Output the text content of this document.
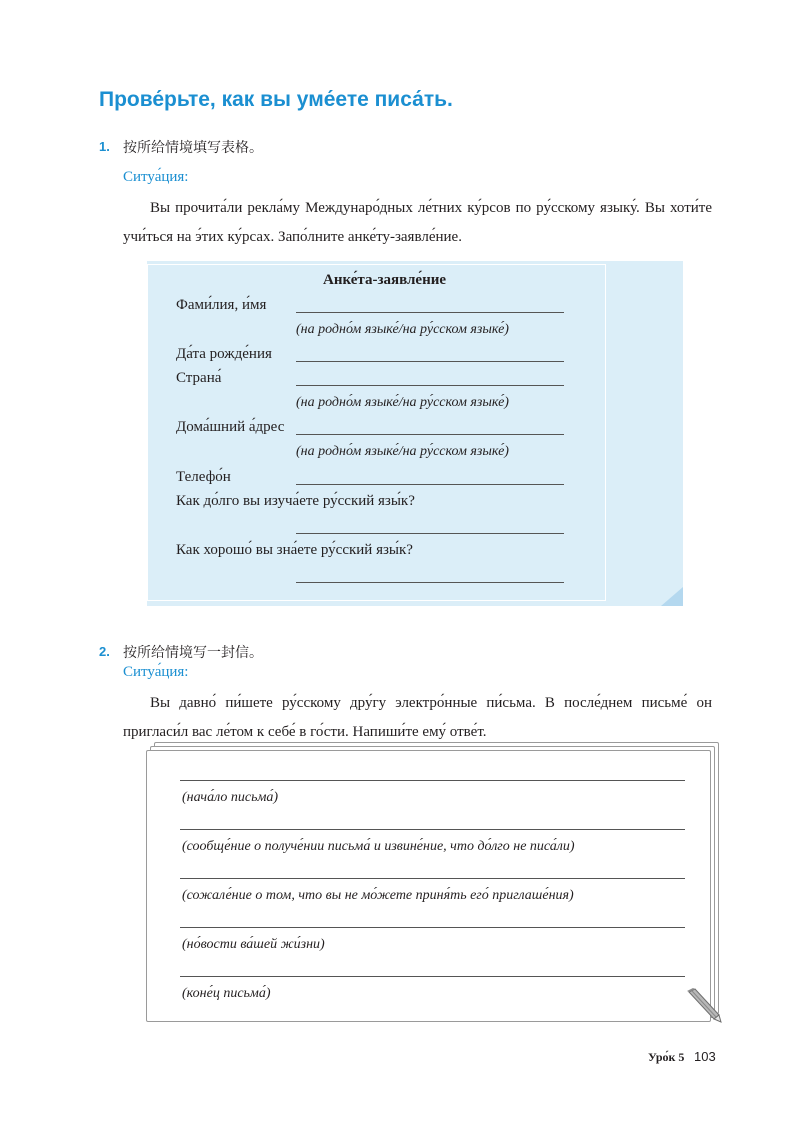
Прове́рьте, как вы уме́ете писа́ть.
1. 按所给情境填写表格。
Ситуа́ция:

Вы прочита́ли рекла́му Междунаро́дных ле́тних ку́рсов по ру́сскому языку́. Вы хоти́те учи́ться на э́тих ку́рсах. Запо́лните анке́ту-заявле́ние.

Анке́та-заявле́ние
Фами́лия, и́мя
(на родно́м языке́/на ру́сском языке́)
Да́та рожде́ния
Страна́
(на родно́м языке́/на ру́сском языке́)
Дома́шний а́дрес
(на родно́м языке́/на ру́сском языке́)
Телефо́н
Как до́лго вы изуча́ете ру́сский язы́к?
Как хорошо́ вы зна́ете ру́сский язы́к?
2. 按所给情境写一封信。
Ситуа́ция:

Вы давно́ пи́шете ру́сскому дру́гу электро́нные пи́сьма. В после́днем письме́ он пригласи́л вас ле́том к себе́ в го́сти. Напиши́те ему́ отве́т.

(нача́ло письма́)
(сообще́ние о получе́нии письма́ и извине́ние, что до́лго не писа́ли)
(сожале́ние о том, что вы не мо́жете приня́ть его́ приглаше́ния)
(но́вости ва́шей жи́зни)
(коне́ц письма́)
Уро́к 5 103
